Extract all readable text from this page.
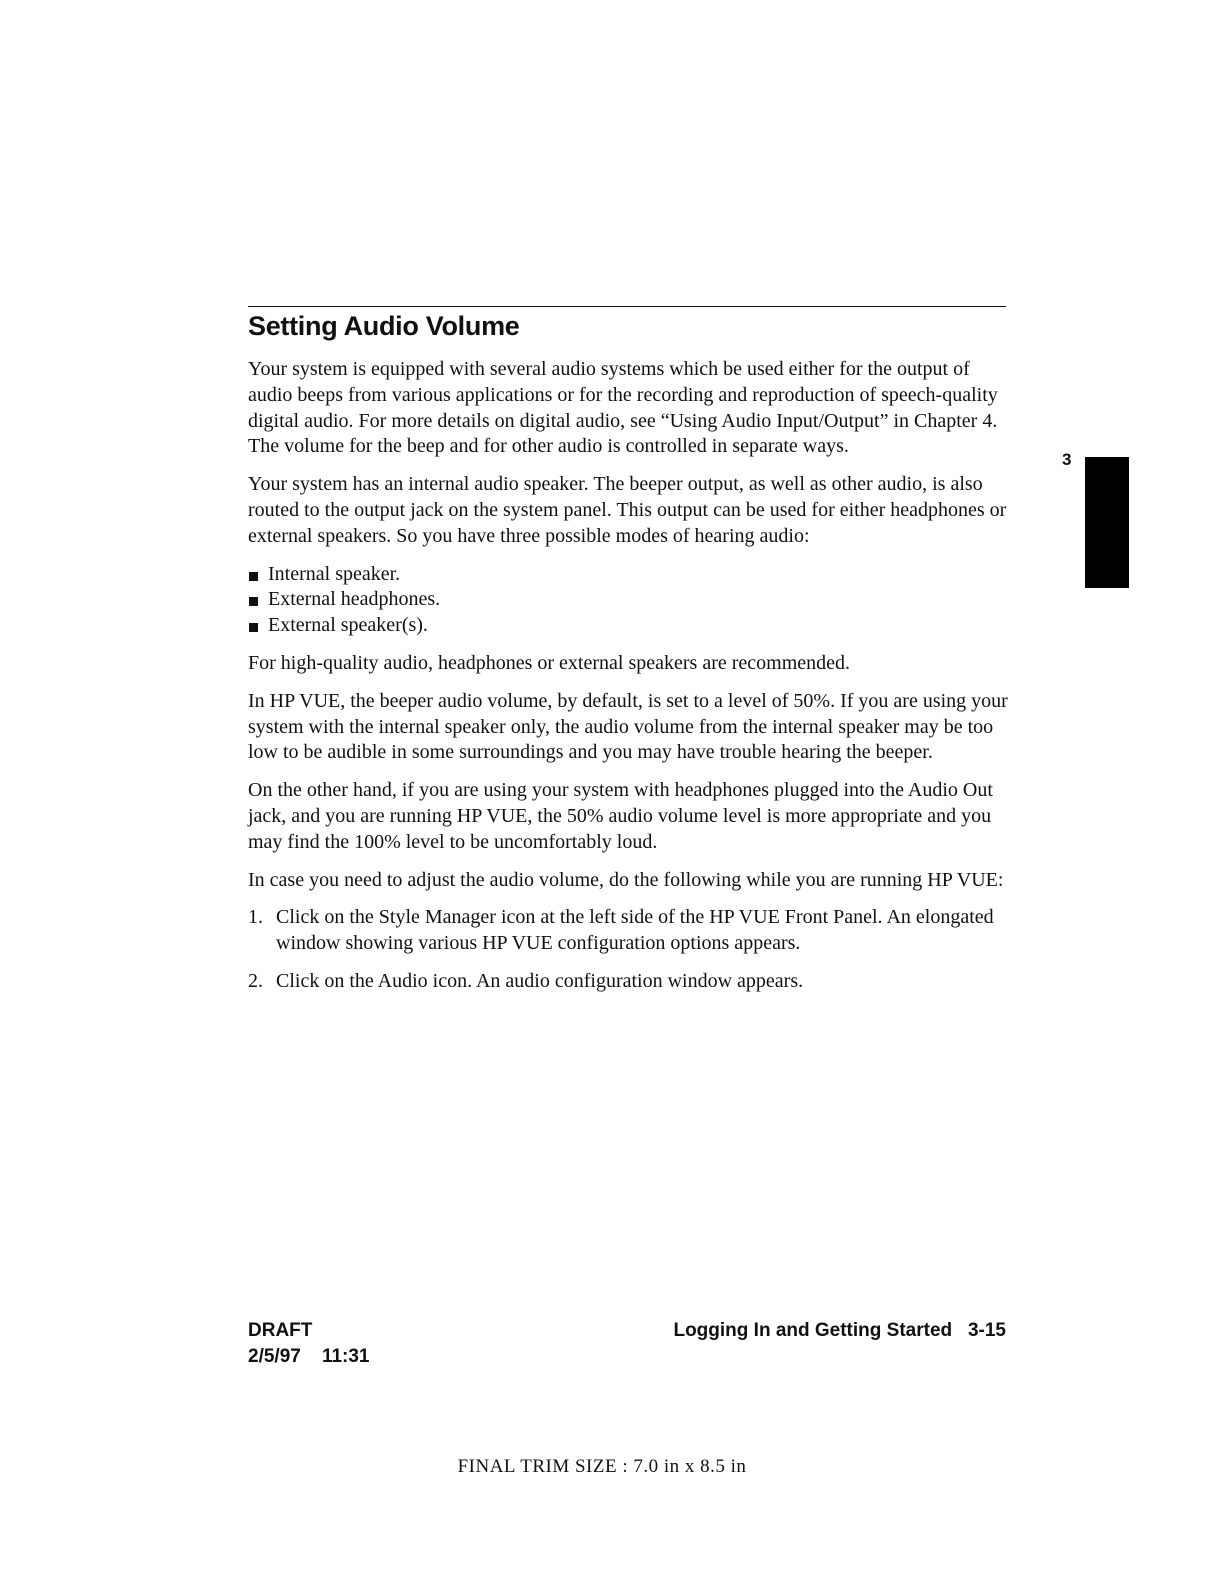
Setting Audio Volume

Your system is equipped with several audio systems which be used either for the output of audio beeps from various applications or for the recording and reproduction of speech-quality digital audio. For more details on digital audio, see “Using Audio Input/Output” in Chapter 4. The volume for the beep and for other audio is controlled in separate ways.

Your system has an internal audio speaker. The beeper output, as well as other audio, is also routed to the output jack on the system panel. This output can be used for either headphones or external speakers. So you have three possible modes of hearing audio:

Internal speaker.
External headphones.
External speaker(s).

For high-quality audio, headphones or external speakers are recommended.

In HP VUE, the beeper audio volume, by default, is set to a level of 50%. If you are using your system with the internal speaker only, the audio volume from the internal speaker may be too low to be audible in some surroundings and you may have trouble hearing the beeper.

On the other hand, if you are using your system with headphones plugged into the Audio Out jack, and you are running HP VUE, the 50% audio volume level is more appropriate and you may find the 100% level to be uncomfortably loud.

In case you need to adjust the audio volume, do the following while you are running HP VUE:

1. Click on the Style Manager icon at the left side of the HP VUE Front Panel. An elongated window showing various HP VUE configuration options appears.
2. Click on the Audio icon. An audio configuration window appears.
3
DRAFT
2/5/97 11:31
Logging In and Getting Started 3-15
FINAL TRIM SIZE : 7.0 in x 8.5 in
